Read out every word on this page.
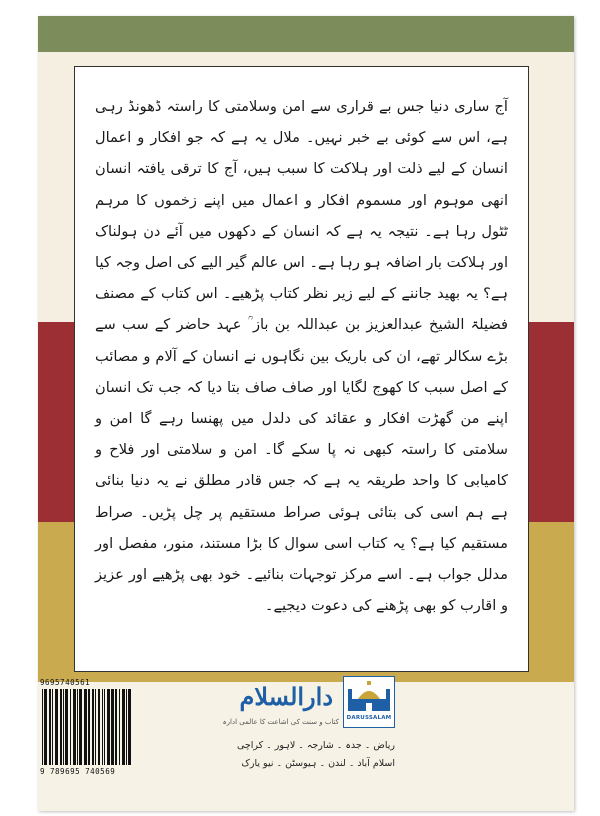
آج ساری دنیا جس بے قراری سے امن وسلامتی کا راستہ ڈھونڈ رہی ہے، اس سے کوئی بے خبر نہیں۔ ملال یہ ہے کہ جو افکار و اعمال انسان کے لیے ذلت اور ہلاکت کا سبب ہیں، آج کا ترقی یافتہ انسان انھی موہوم اور مسموم افکار و اعمال میں اپنے زخموں کا مرہم ٹٹول رہا ہے۔ نتیجہ یہ ہے کہ انسان کے دکھوں میں آئے دن ہولناک اور ہلاکت بار اضافہ ہو رہا ہے۔ اس عالم گیر الیے کی اصل وجہ کیا ہے؟ یہ بھید جاننے کے لیے زیر نظر کتاب پڑھیے۔ اس کتاب کے مصنف فضیلۃ الشیخ عبدالعزیز بن عبداللہ بن باز ؒ عہد حاضر کے سب سے بڑے سکالر تھے، ان کی باریک بین نگاہوں نے انسان کے آلام و مصائب کے اصل سبب کا کھوج لگایا اور صاف صاف بتا دیا کہ جب تک انسان اپنے من گھڑت افکار و عقائد کی دلدل میں پھنسا رہے گا امن و سلامتی کا راستہ کبھی نہ پا سکے گا۔ امن و سلامتی اور فلاح و کامیابی کا واحد طریقہ یہ ہے کہ جس قادر مطلق نے یہ دنیا بنائی ہے ہم اسی کی بتائی ہوئی صراط مستقیم پر چل پڑیں۔ صراط مستقیم کیا ہے؟ یہ کتاب اسی سوال کا بڑا مستند، منور، مفصل اور مدلل جواب ہے۔ اسے مرکز توجہات بنائیے۔ خود بھی پڑھیے اور عزیز و اقارب کو بھی پڑھنے کی دعوت دیجیے۔

9695740561
9 789695 740569
DARUSSALAM
دارالسلام
کتاب و سنت کی اشاعت کا عالمی ادارہ
ریاض ۔ جدہ ۔ شارجہ ۔ لاہور ۔ کراچی
اسلام آباد ۔ لندن ۔ ہیوسٹن ۔ نیو یارک
